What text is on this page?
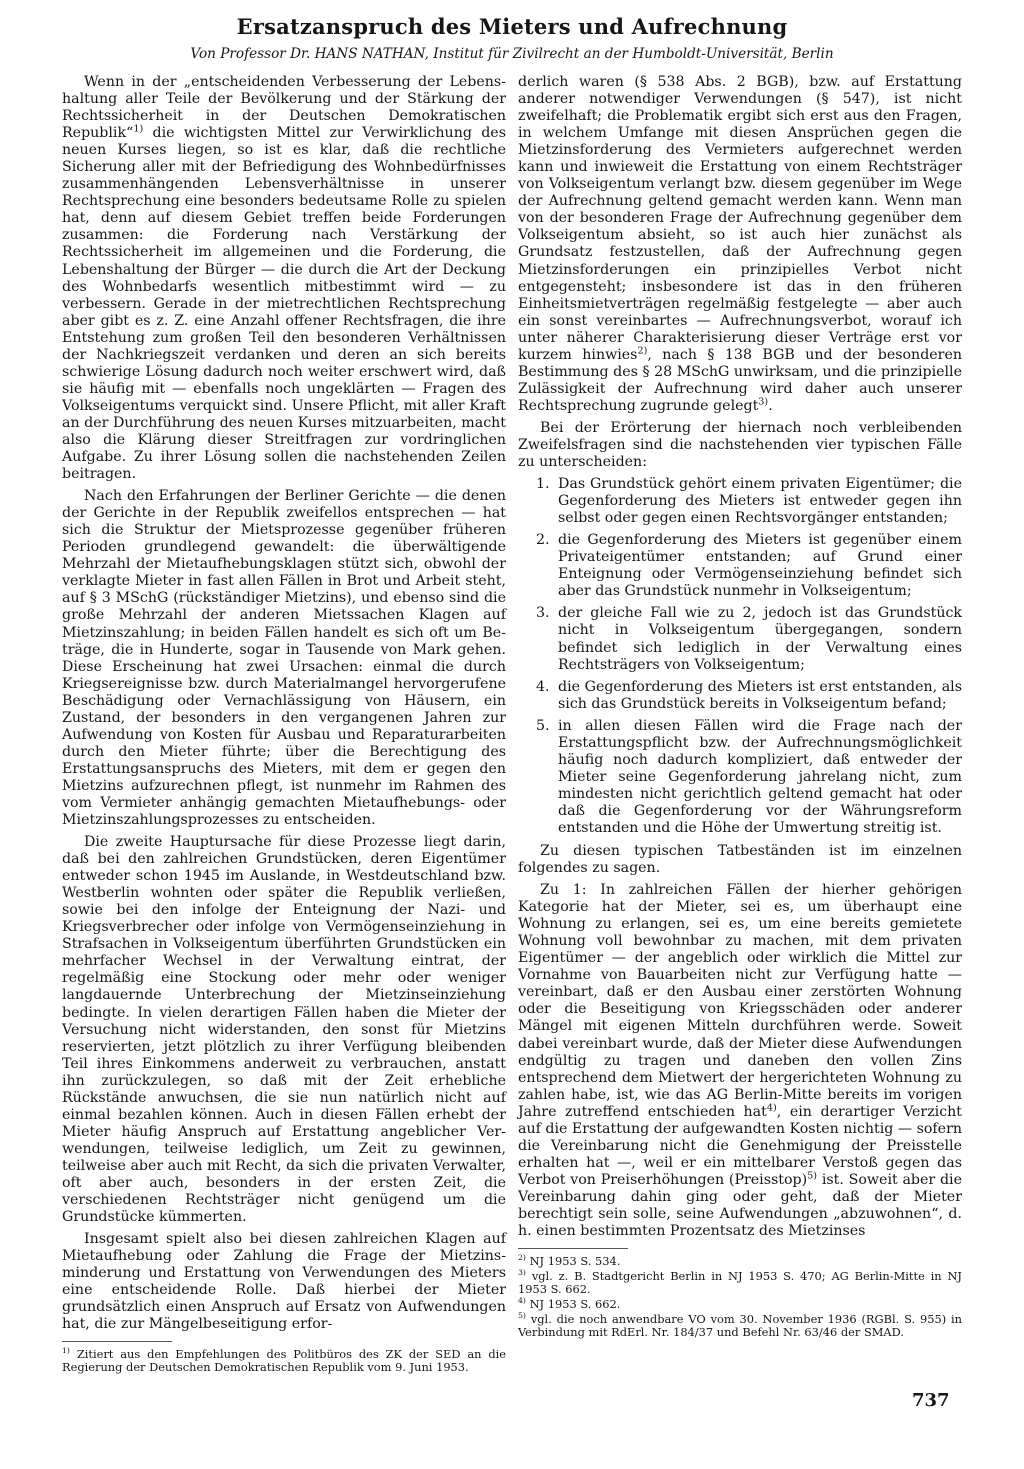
Ersatzanspruch des Mieters und Aufrechnung
Von Professor Dr. HANS NATHAN, Institut für Zivilrecht an der Humboldt-Universität, Berlin

Wenn in der „entscheidenden Verbesserung der Lebenshaltung aller Teile der Bevölkerung und der Stärkung der Rechtssicherheit in der Deutschen Demokratischen Republik“$^{1)}$ die wichtigsten Mittel zur Verwirklichung des neuen Kurses liegen, so ist es klar, daß die rechtliche Sicherung aller mit der Befriedigung des Wohnbedürfnisses zusammenhängenden Lebensverhältnisse in unserer Rechtsprechung eine besonders bedeutsame Rolle zu spielen hat, denn auf diesem Gebiet treffen beide Forderungen zusammen: die Forderung nach Verstärkung der Rechtssicherheit im allgemeinen und die Forderung, die Lebenshaltung der Bürger — die durch die Art der Deckung des Wohnbedarfs wesentlich mitbestimmt wird — zu verbessern. Gerade in der mietrechtlichen Rechtsprechung aber gibt es z. Z. eine Anzahl offener Rechtsfragen, die ihre Entstehung zum großen Teil den besonderen Verhältnissen der Nachkriegszeit verdanken und deren an sich bereits schwierige Lösung dadurch noch weiter erschwert wird, daß sie häufig mit — ebenfalls noch ungeklärten — Fragen des Volkseigentums verquickt sind. Unsere Pflicht, mit aller Kraft an der Durchführung des neuen Kurses mitzuarbeiten, macht also die Klärung dieser Streitfragen zur vordringlichen Aufgabe. Zu ihrer Lösung sollen die nachstehenden Zeilen beitragen.

Nach den Erfahrungen der Berliner Gerichte — die denen der Gerichte in der Republik zweifellos entsprechen — hat sich die Struktur der Mietsprozesse gegenüber früheren Perioden grundlegend gewandelt: die überwältigende Mehrzahl der Mietaufhebungsklagen stützt sich, obwohl der verklagte Mieter in fast allen Fällen in Brot und Arbeit steht, auf § 3 MSchG (rückständiger Mietzins), und ebenso sind die große Mehrzahl der anderen Mietssachen Klagen auf Mietzinszahlung; in beiden Fällen handelt es sich oft um Beträge, die in Hunderte, sogar in Tausende von Mark gehen. Diese Erscheinung hat zwei Ursachen: einmal die durch Kriegsereignisse bzw. durch Materialmangel hervorgerufene Beschädigung oder Vernachlässigung von Häusern, ein Zustand, der besonders in den vergangenen Jahren zur Aufwendung von Kosten für Ausbau und Reparaturarbeiten durch den Mieter führte; über die Berechtigung des Erstattungsanspruchs des Mieters, mit dem er gegen den Mietzins aufzurechnen pflegt, ist nunmehr im Rahmen des vom Vermieter anhängig gemachten Mietaufhebungs- oder Mietzinszahlungsprozesses zu entscheiden.

Die zweite Hauptursache für diese Prozesse liegt darin, daß bei den zahlreichen Grundstücken, deren Eigentümer entweder schon 1945 im Auslande, in Westdeutschland bzw. Westberlin wohnten oder später die Republik verließen, sowie bei den infolge der Enteignung der Nazi- und Kriegsverbrecher oder infolge von Vermögenseinziehung in Strafsachen in Volkseigentum überführten Grundstücken ein mehrfacher Wechsel in der Verwaltung eintrat, der regelmäßig eine Stockung oder mehr oder weniger langdauernde Unterbrechung der Mietzinseinziehung bedingte. In vielen derartigen Fällen haben die Mieter der Versuchung nicht widerstanden, den sonst für Mietzins reservierten, jetzt plötzlich zu ihrer Verfügung bleibenden Teil ihres Einkommens anderweit zu verbrauchen, anstatt ihn zurückzulegen, so daß mit der Zeit erhebliche Rückstände anwuchsen, die sie nun natürlich nicht auf einmal bezahlen können. Auch in diesen Fällen erhebt der Mieter häufig Anspruch auf Erstattung angeblicher Verwendungen, teilweise lediglich, um Zeit zu gewinnen, teilweise aber auch mit Recht, da sich die privaten Verwalter, oft aber auch, besonders in der ersten Zeit, die verschiedenen Rechtsträger nicht genügend um die Grundstücke kümmerten.

Insgesamt spielt also bei diesen zahlreichen Klagen auf Mietaufhebung oder Zahlung die Frage der Mietzinsminderung und Erstattung von Verwendungen des Mieters eine entscheidende Rolle. Daß hierbei der Mieter grundsätzlich einen Anspruch auf Ersatz von Aufwendungen hat, die zur Mängelbeseitigung erfor-

$^{1)}$ Zitiert aus den Empfehlungen des Politbüros des ZK der SED an die Regierung der Deutschen Demokratischen Republik vom 9. Juni 1953.

derlich waren (§ 538 Abs. 2 BGB), bzw. auf Erstattung anderer notwendiger Verwendungen (§ 547), ist nicht zweifelhaft; die Problematik ergibt sich erst aus den Fragen, in welchem Umfange mit diesen Ansprüchen gegen die Mietzinsforderung des Vermieters aufgerechnet werden kann und inwieweit die Erstattung von einem Rechtsträger von Volkseigentum verlangt bzw. diesem gegenüber im Wege der Aufrechnung geltend gemacht werden kann. Wenn man von der besonderen Frage der Aufrechnung gegenüber dem Volkseigentum absieht, so ist auch hier zunächst als Grundsatz festzustellen, daß der Aufrechnung gegen Mietzinsforderungen ein prinzipielles Verbot nicht entgegensteht; insbesondere ist das in den früheren Einheitsmietverträgen regelmäßig festgelegte — aber auch ein sonst vereinbartes — Aufrechnungsverbot, worauf ich unter näherer Charakterisierung dieser Verträge erst vor kurzem hinwies$^{2)}$, nach § 138 BGB und der besonderen Bestimmung des § 28 MSchG unwirksam, und die prinzipielle Zulässigkeit der Aufrechnung wird daher auch unserer Rechtsprechung zugrunde gelegt$^{3)}$.

Bei der Erörterung der hiernach noch verbleibenden Zweifelsfragen sind die nachstehenden vier typischen Fälle zu unterscheiden:

1. Das Grundstück gehört einem privaten Eigentümer; die Gegenforderung des Mieters ist entweder gegen ihn selbst oder gegen einen Rechtsvorgänger entstanden;
2. die Gegenforderung des Mieters ist gegenüber einem Privateigentümer entstanden; auf Grund einer Enteignung oder Vermögenseinziehung befindet sich aber das Grundstück nunmehr in Volkseigentum;
3. der gleiche Fall wie zu 2, jedoch ist das Grundstück nicht in Volkseigentum übergegangen, sondern befindet sich lediglich in der Verwaltung eines Rechtsträgers von Volkseigentum;
4. die Gegenforderung des Mieters ist erst entstanden, als sich das Grundstück bereits in Volkseigentum befand;
5. in allen diesen Fällen wird die Frage nach der Erstattungspflicht bzw. der Aufrechnungsmöglichkeit häufig noch dadurch kompliziert, daß entweder der Mieter seine Gegenforderung jahrelang nicht, zum mindesten nicht gerichtlich geltend gemacht hat oder daß die Gegenforderung vor der Währungsreform entstanden und die Höhe der Umwertung streitig ist.

Zu diesen typischen Tatbeständen ist im einzelnen folgendes zu sagen.

Zu 1: In zahlreichen Fällen der hierher gehörigen Kategorie hat der Mieter, sei es, um überhaupt eine Wohnung zu erlangen, sei es, um eine bereits gemietete Wohnung voll bewohnbar zu machen, mit dem privaten Eigentümer — der angeblich oder wirklich die Mittel zur Vornahme von Bauarbeiten nicht zur Verfügung hatte — vereinbart, daß er den Ausbau einer zerstörten Wohnung oder die Beseitigung von Kriegsschäden oder anderer Mängel mit eigenen Mitteln durchführen werde. Soweit dabei vereinbart wurde, daß der Mieter diese Aufwendungen endgültig zu tragen und daneben den vollen Zins entsprechend dem Mietwert der hergerichteten Wohnung zu zahlen habe, ist, wie das AG Berlin-Mitte bereits im vorigen Jahre zutreffend entschieden hat$^{4)}$, ein derartiger Verzicht auf die Erstattung der aufgewandten Kosten nichtig — sofern die Vereinbarung nicht die Genehmigung der Preisstelle erhalten hat —, weil er ein mittelbarer Verstoß gegen das Verbot von Preiserhöhungen (Preisstop)$^{5)}$ ist. Soweit aber die Vereinbarung dahin ging oder geht, daß der Mieter berechtigt sein solle, seine Aufwendungen „abzuwohnen“, d. h. einen bestimmten Prozentsatz des Mietzinses

$^{2)}$ NJ 1953 S. 534.
$^{3)}$ vgl. z. B. Stadtgericht Berlin in NJ 1953 S. 470; AG Berlin-Mitte in NJ 1953 S. 662.
$^{4)}$ NJ 1953 S. 662.
$^{5)}$ vgl. die noch anwendbare VO vom 30. November 1936 (RGBl. S. 955) in Verbindung mit RdErl. Nr. 184/37 und Befehl Nr. 63/46 der SMAD.
737
